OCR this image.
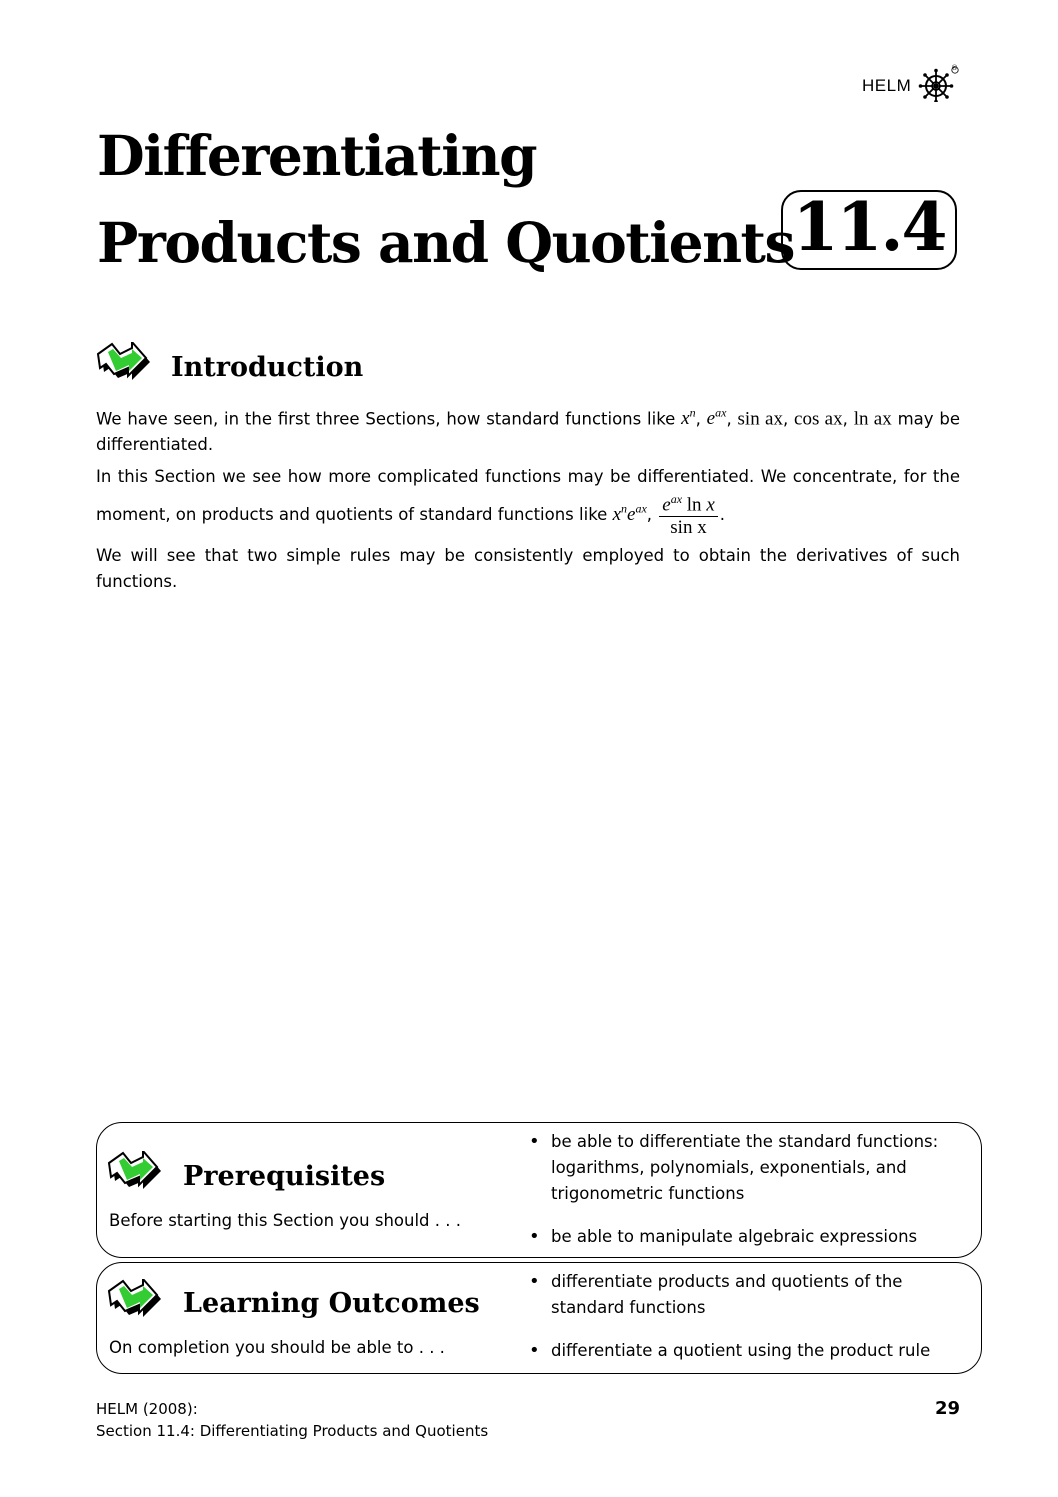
HELM
®
Differentiating
Products and Quotients
11.4
Introduction
We have seen, in the first three Sections, how standard functions like $x^n$, $e^{ax}$, sin ax, cos ax, ln ax may be differentiated.
In this Section we see how more complicated functions may be differentiated. We concentrate, for the moment, on products and quotients of standard functions like $x^ne^{ax}$, $\frac{e^{ax} \ln x}{\text{sin x}}$ .
We will see that two simple rules may be consistently employed to obtain the derivatives of such functions.
Prerequisites
Before starting this Section you should . . .
• be able to differentiate the standard functions: logarithms, polynomials, exponentials, and trigonometric functions
• be able to manipulate algebraic expressions
Learning Outcomes
On completion you should be able to . . .
• differentiate products and quotients of the standard functions
• differentiate a quotient using the product rule
HELM (2008):
Section 11.4: Differentiating Products and Quotients
29
